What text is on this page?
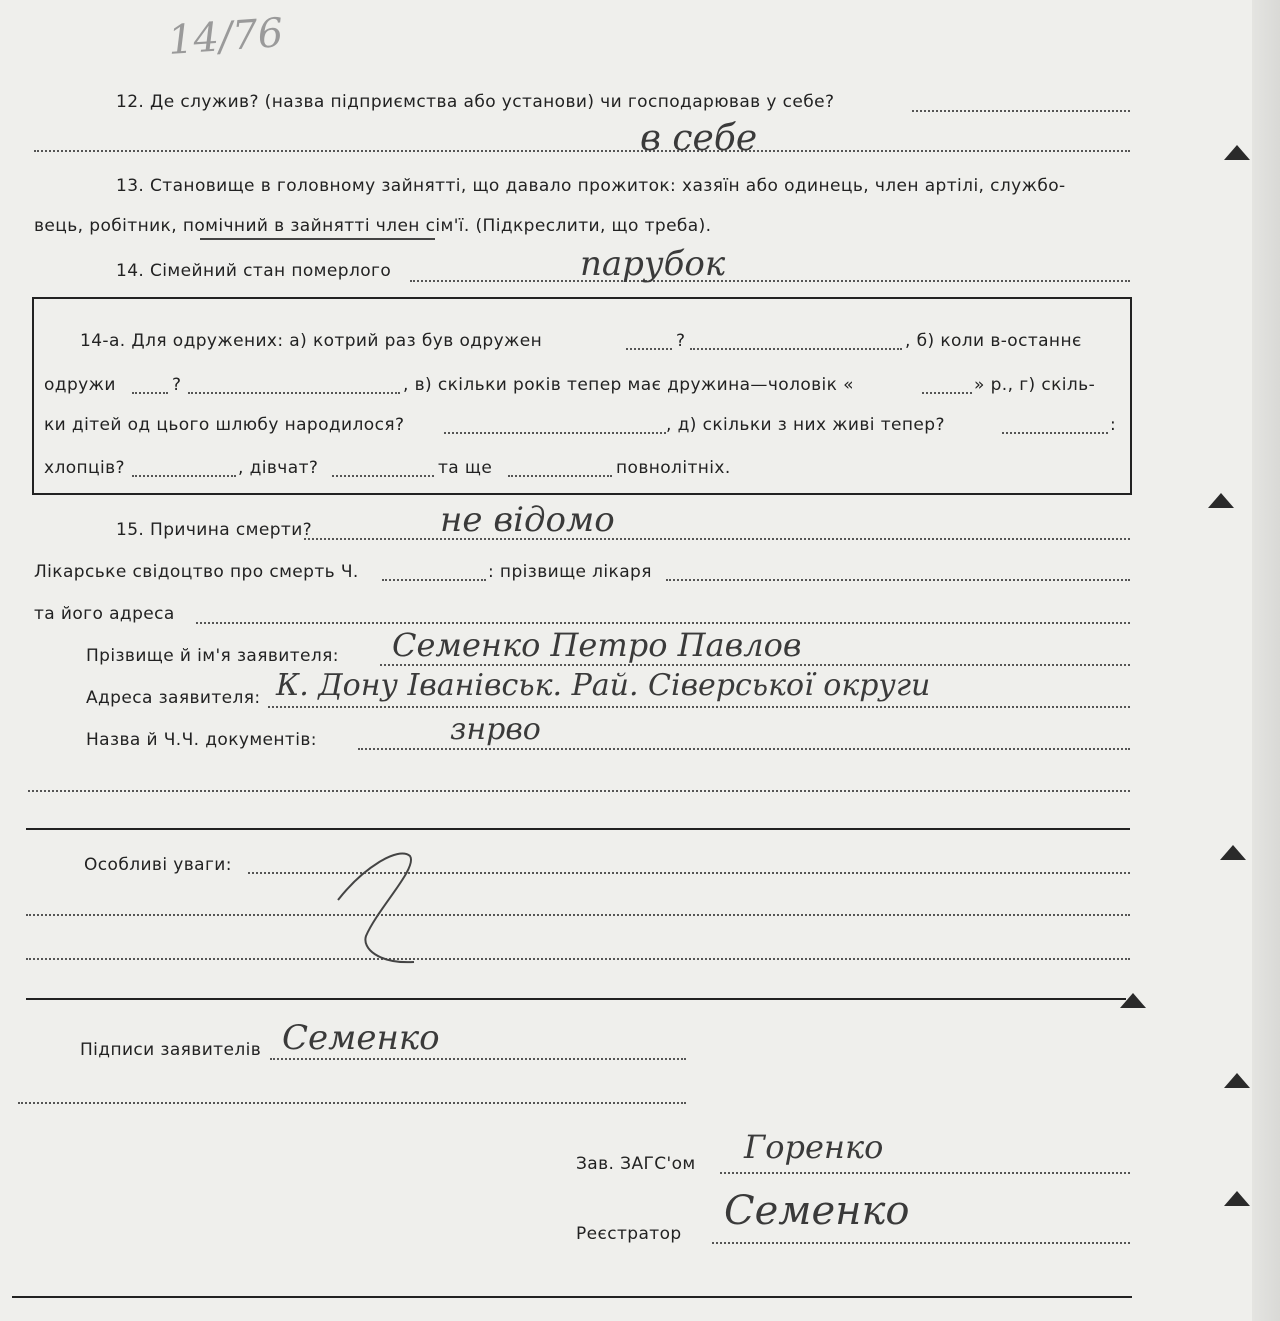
14/76
12. Де служив? (назва підприємства або установи) чи господарював у себе?
в себе
13. Становище в головному зайнятті, що давало прожиток: хазяїн або одинець, член артілі, службо-
вець, робітник, помічний в зайнятті член сім'ї. (Підкреслити, що треба).
14. Сімейний стан померлого	парубок
14-а. Для одружених: а) котрий раз був одружен	?	, б) коли в-останнє
одружи	?	, в) скільки років тепер має дружина—чоловік «	» р., г) скіль-
ки дітей од цього шлюбу народилося?	, д) скільки з них живі тепер?	:
хлопців?	, дівчат?	та ще	повнолітніх.
15. Причина смерти?	не відомо
Лікарське свідоцтво про смерть Ч.	: прізвище лікаря
та його адреса
Прізвище й ім'я заявителя: Семенко Петро Павлов
Адреса заявителя: К. Дону Іванівськ. Рай. Сіверської округи
Назва й Ч.Ч. документів:	знрво
Особливі уваги:
Підписи заявителів Семенко
Зав. ЗАГС'ом Горенко
Реєстратор Семенко
